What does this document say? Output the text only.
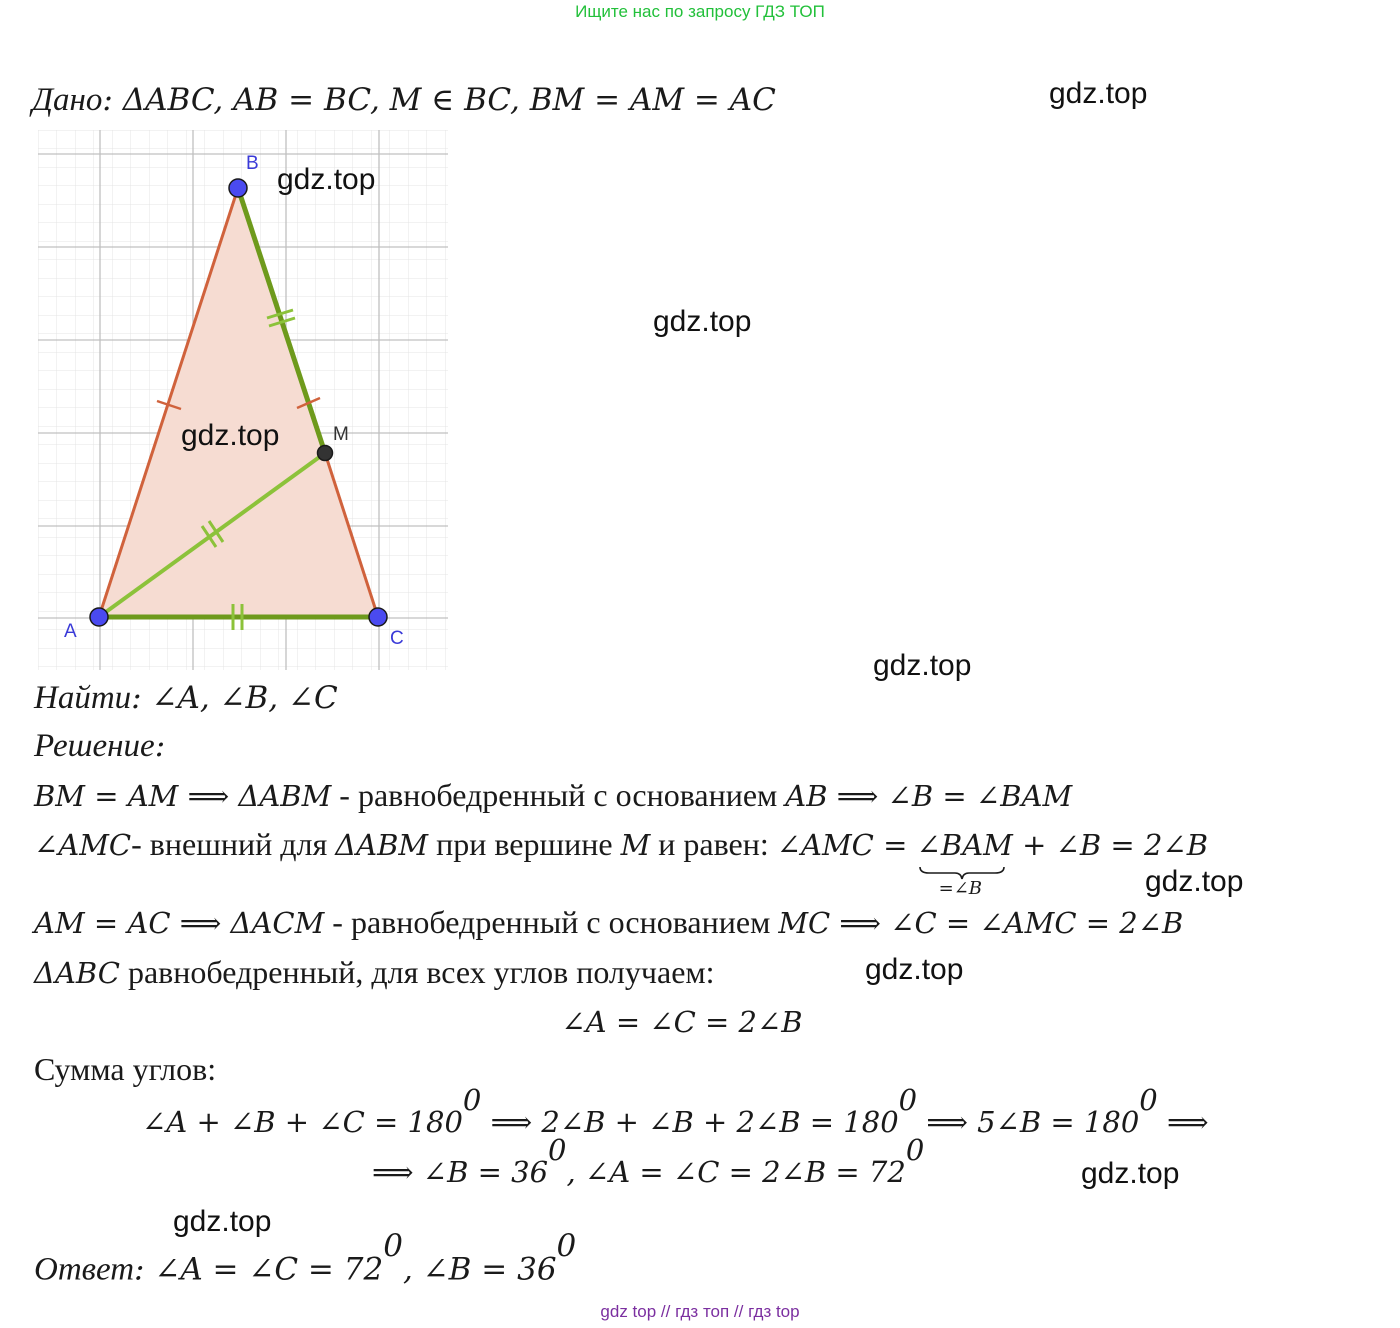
Ищите нас по запросу ГДЗ ТОП
gdz top // гдз топ // гдз top
Дано: ΔABC, AB = BC, M ∈ BC, BM = AM = AC	gdz.top
gdz.top
gdz.top
gdz.top
gdz.top
gdz.top
gdz.top
B
M
A	C
gdz.top
gdz.top
Найти: ∠A, ∠B, ∠C
Решение:
BM = AM ⟹ ΔABM - равнобедренный с основанием AB ⟹ ∠B = ∠BAM
∠AMC- внешний для ΔABM при вершине M и равен: ∠AMC = ∠BAM
=∠B
+ ∠B = 2∠B
AM = AC ⟹ ΔACM - равнобедренный с основанием MC ⟹ ∠C = ∠AMC = 2∠B
ΔABC равнобедренный, для всех углов получаем:
∠A = ∠C = 2∠B
Сумма углов:
∠A + ∠B + ∠C = $180^0$ ⟹ 2∠B + ∠B + 2∠B = $180^0$ ⟹ 5∠B = $180^0$ ⟹
⟹ ∠B = $36^0$, ∠A = ∠C = 2∠B = $72^0$
Ответ: ∠A = ∠C = $72^0$, ∠B = $36^0$
